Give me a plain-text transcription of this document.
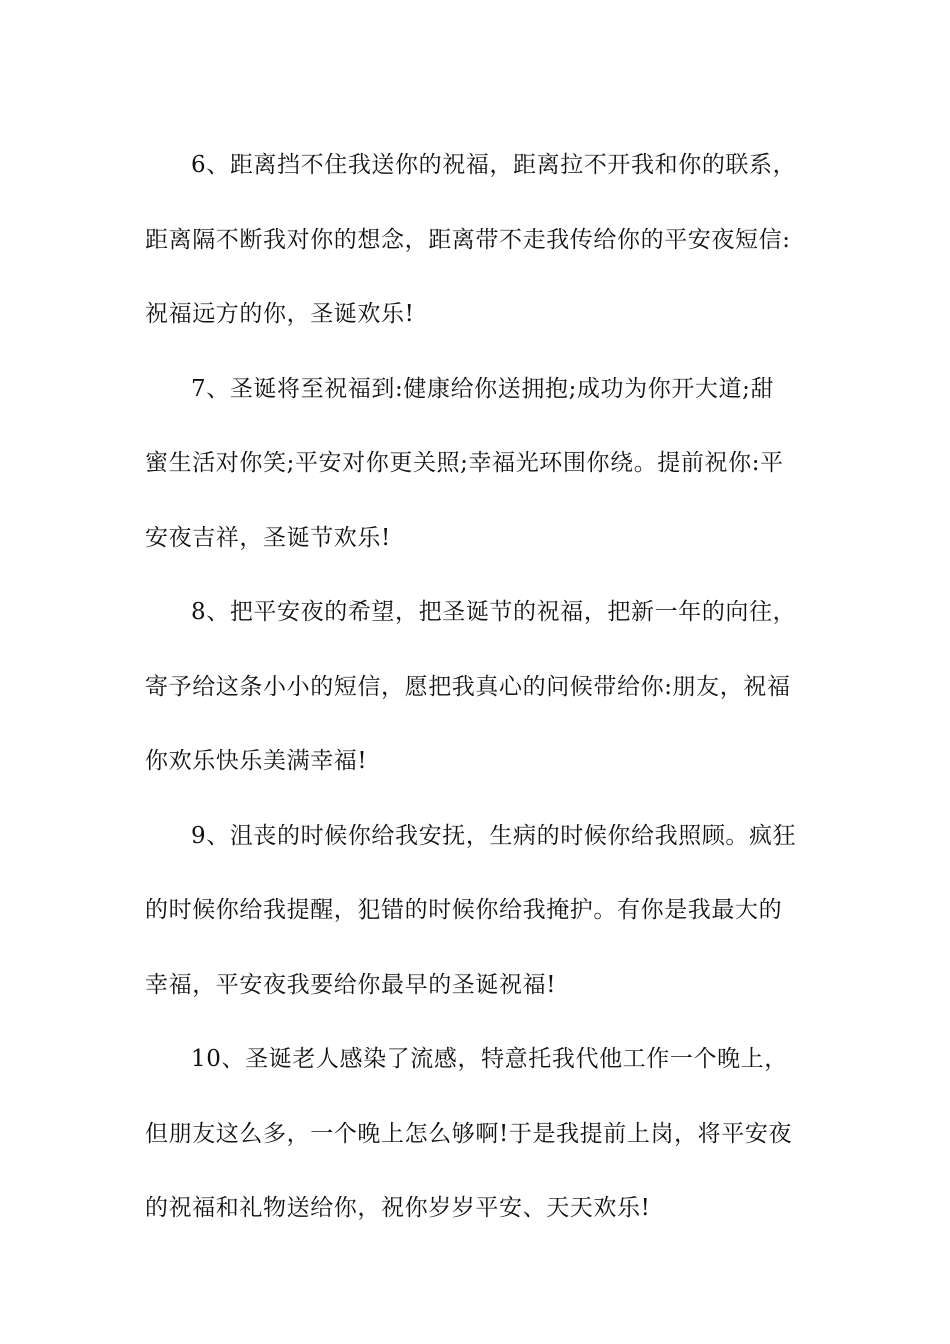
6、距离挡不住我送你的祝福，距离拉不开我和你的联系，
距离隔不断我对你的想念，距离带不走我传给你的平安夜短信:
祝福远方的你，圣诞欢乐!
7、圣诞将至祝福到:健康给你送拥抱;成功为你开大道;甜
蜜生活对你笑;平安对你更关照;幸福光环围你绕。提前祝你:平
安夜吉祥，圣诞节欢乐!
8、把平安夜的希望，把圣诞节的祝福，把新一年的向往，
寄予给这条小小的短信，愿把我真心的问候带给你:朋友，祝福
你欢乐快乐美满幸福!
9、沮丧的时候你给我安抚，生病的时候你给我照顾。疯狂
的时候你给我提醒，犯错的时候你给我掩护。有你是我最大的
幸福，平安夜我要给你最早的圣诞祝福!
10、圣诞老人感染了流感，特意托我代他工作一个晚上，
但朋友这么多，一个晚上怎么够啊!于是我提前上岗，将平安夜
的祝福和礼物送给你，祝你岁岁平安、天天欢乐!
